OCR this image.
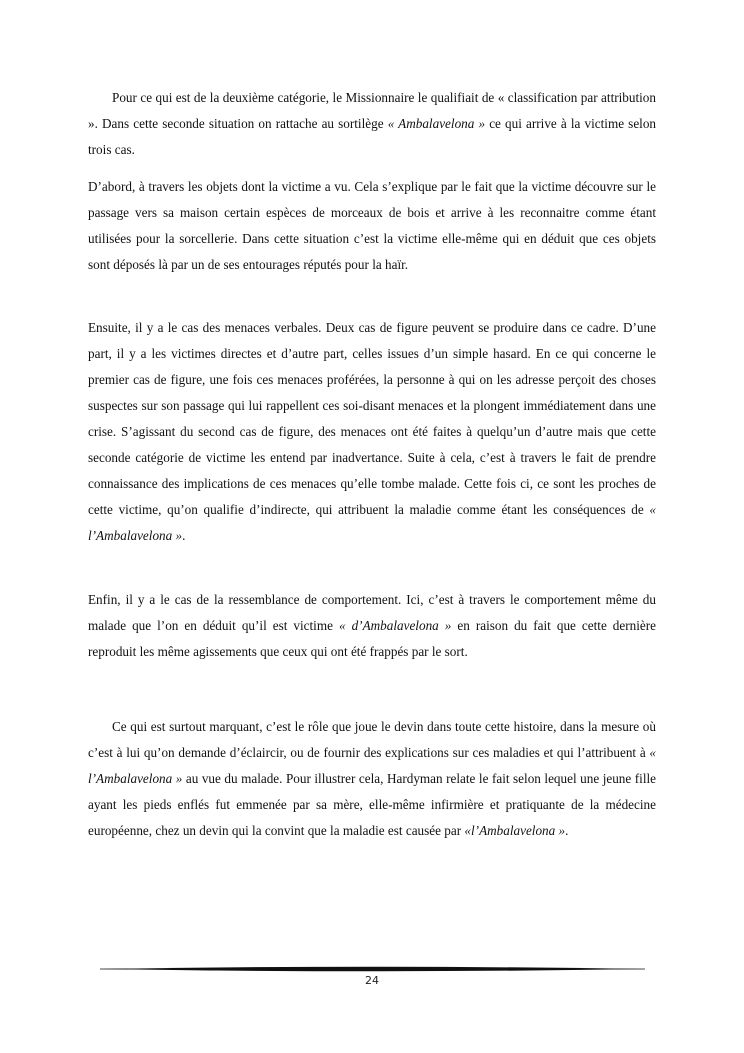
Pour ce qui est de la deuxième catégorie, le Missionnaire le qualifiait de « classification par attribution ». Dans cette seconde situation on rattache au sortilège « Ambalavelona » ce qui arrive à la victime selon trois cas.

D’abord, à travers les objets dont la victime a vu. Cela s’explique par le fait que la victime découvre sur le passage vers sa maison certain espèces de morceaux de bois et arrive à les reconnaitre comme étant utilisées pour la sorcellerie. Dans cette situation c’est la victime elle-même qui en déduit que ces objets sont déposés là par un de ses entourages réputés pour la haïr.

Ensuite, il y a le cas des menaces verbales. Deux cas de figure peuvent se produire dans ce cadre. D’une part, il y a les victimes directes et d’autre part, celles issues d’un simple hasard. En ce qui concerne le premier cas de figure, une fois ces menaces proférées, la personne à qui on les adresse perçoit des choses suspectes sur son passage qui lui rappellent ces soi-disant menaces et la plongent immédiatement dans une crise. S’agissant du second cas de figure, des menaces ont été faites à quelqu’un d’autre mais que cette seconde catégorie de victime les entend par inadvertance. Suite à cela, c’est à travers le fait de prendre connaissance des implications de ces menaces qu’elle tombe malade. Cette fois ci, ce sont les proches de cette victime, qu’on qualifie d’indirecte, qui attribuent la maladie comme étant les conséquences de « l’Ambalavelona ».

Enfin, il y a le cas de la ressemblance de comportement. Ici, c’est à travers le comportement même du malade que l’on en déduit qu’il est victime « d’Ambalavelona » en raison du fait que cette dernière reproduit les même agissements que ceux qui ont été frappés par le sort.

Ce qui est surtout marquant, c’est le rôle que joue le devin dans toute cette histoire, dans la mesure où c’est à lui qu’on demande d’éclaircir, ou de fournir des explications sur ces maladies et qui l’attribuent à « l’Ambalavelona » au vue du malade. Pour illustrer cela, Hardyman relate le fait selon lequel une jeune fille ayant les pieds enflés fut emmenée par sa mère, elle-même infirmière et pratiquante de la médecine européenne, chez un devin qui la convint que la maladie est causée par «l’Ambalavelona ».

24
